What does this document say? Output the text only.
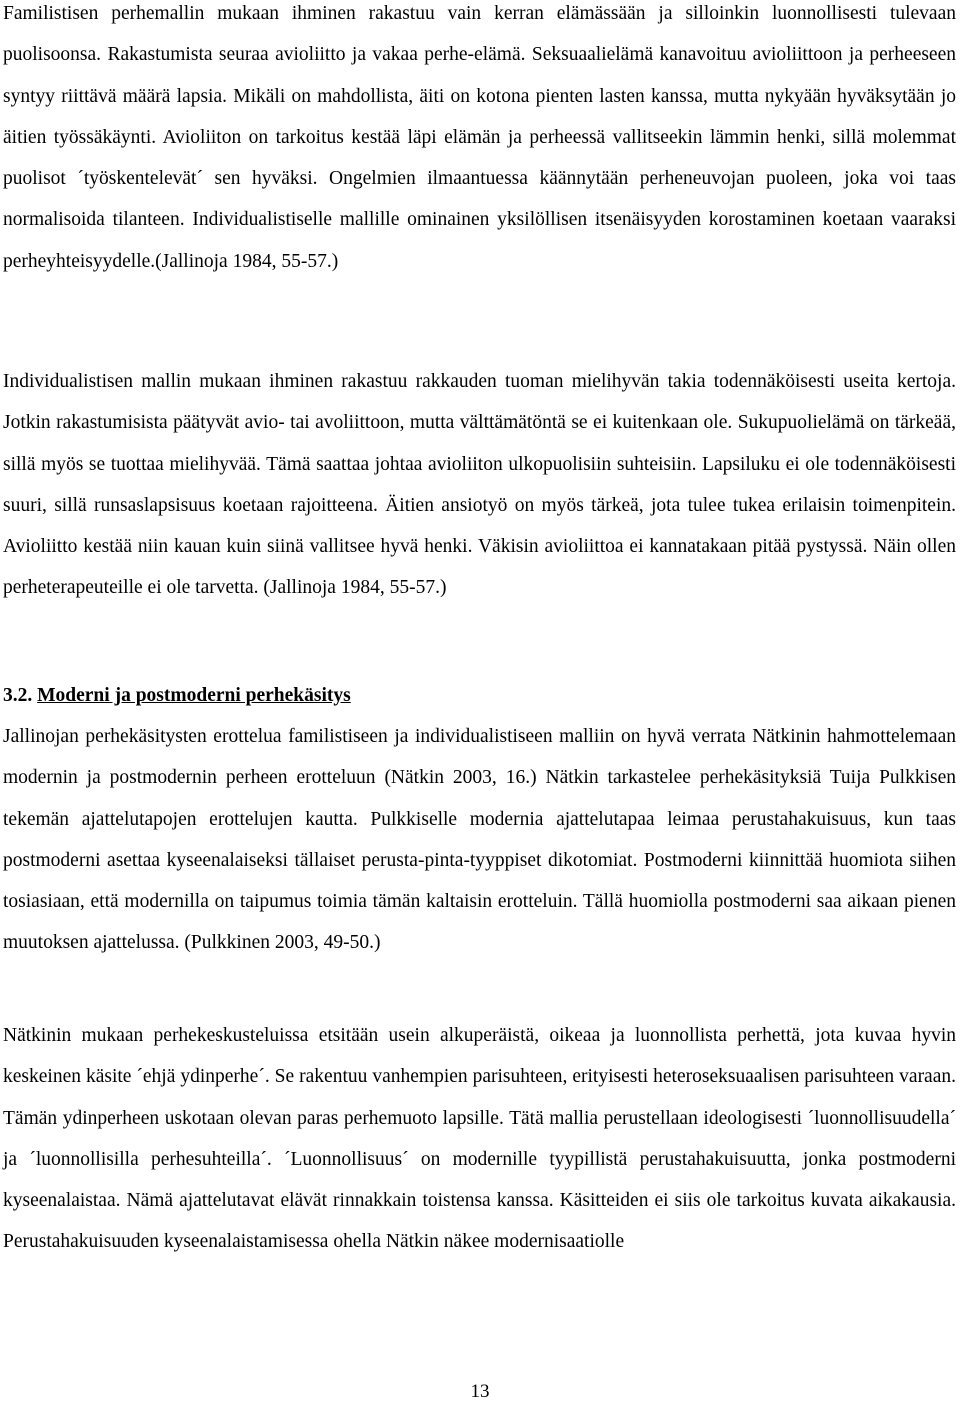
Familistisen perhemallin mukaan ihminen rakastuu vain kerran elämässään ja silloinkin luonnollisesti tulevaan puolisoonsa. Rakastumista seuraa avioliitto ja vakaa perhe-elämä. Seksuaalielämä kanavoituu avioliittoon ja perheeseen syntyy riittävä määrä lapsia. Mikäli on mahdollista, äiti on kotona pienten lasten kanssa, mutta nykyään hyväksytään jo äitien työssäkäynti. Avioliiton on tarkoitus kestää läpi elämän ja perheessä vallitseekin lämmin henki, sillä molemmat puolisot ´työskentelevät´ sen hyväksi. Ongelmien ilmaantuessa käännytään perheneuvojan puoleen, joka voi taas normalisoida tilanteen. Individualistiselle mallille ominainen yksilöllisen itsenäisyyden korostaminen koetaan vaaraksi perheyhteisyydelle.(Jallinoja 1984, 55-57.)

Individualistisen mallin mukaan ihminen rakastuu rakkauden tuoman mielihyvän takia todennäköisesti useita kertoja. Jotkin rakastumisista päätyvät avio- tai avoliittoon, mutta välttämätöntä se ei kuitenkaan ole. Sukupuolielämä on tärkeää, sillä myös se tuottaa mielihyvää. Tämä saattaa johtaa avioliiton ulkopuolisiin suhteisiin. Lapsiluku ei ole todennäköisesti suuri, sillä runsaslapsisuus koetaan rajoitteena. Äitien ansiotyö on myös tärkeä, jota tulee tukea erilaisin toimenpitein. Avioliitto kestää niin kauan kuin siinä vallitsee hyvä henki. Väkisin avioliittoa ei kannatakaan pitää pystyssä. Näin ollen perheterapeuteille ei ole tarvetta. (Jallinoja 1984, 55-57.)

3.2. Moderni ja postmoderni perhekäsitys

Jallinojan perhekäsitysten erottelua familistiseen ja individualistiseen malliin on hyvä verrata Nätkinin hahmottelemaan modernin ja postmodernin perheen erotteluun (Nätkin 2003, 16.) Nätkin tarkastelee perhekäsityksiä Tuija Pulkkisen tekemän ajattelutapojen erottelujen kautta. Pulkkiselle modernia ajattelutapaa leimaa perustahakuisuus, kun taas postmoderni asettaa kyseenalaiseksi tällaiset perusta-pinta-tyyppiset dikotomiat. Postmoderni kiinnittää huomiota siihen tosiasiaan, että modernilla on taipumus toimia tämän kaltaisin erotteluin. Tällä huomiolla postmoderni saa aikaan pienen muutoksen ajattelussa. (Pulkkinen 2003, 49-50.)

Nätkinin mukaan perhekeskusteluissa etsitään usein alkuperäistä, oikeaa ja luonnollista perhettä, jota kuvaa hyvin keskeinen käsite ´ehjä ydinperhe´. Se rakentuu vanhempien parisuhteen, erityisesti heteroseksuaalisen parisuhteen varaan. Tämän ydinperheen uskotaan olevan paras perhemuoto lapsille. Tätä mallia perustellaan ideologisesti ´luonnollisuudella´ ja ´luonnollisilla perhesuhteilla´. ´Luonnollisuus´ on modernille tyypillistä perustahakuisuutta, jonka postmoderni kyseenalaistaa. Nämä ajattelutavat elävät rinnakkain toistensa kanssa. Käsitteiden ei siis ole tarkoitus kuvata aikakausia. Perustahakuisuuden kyseenalaistamisessa ohella Nätkin näkee modernisaatiolle

13
